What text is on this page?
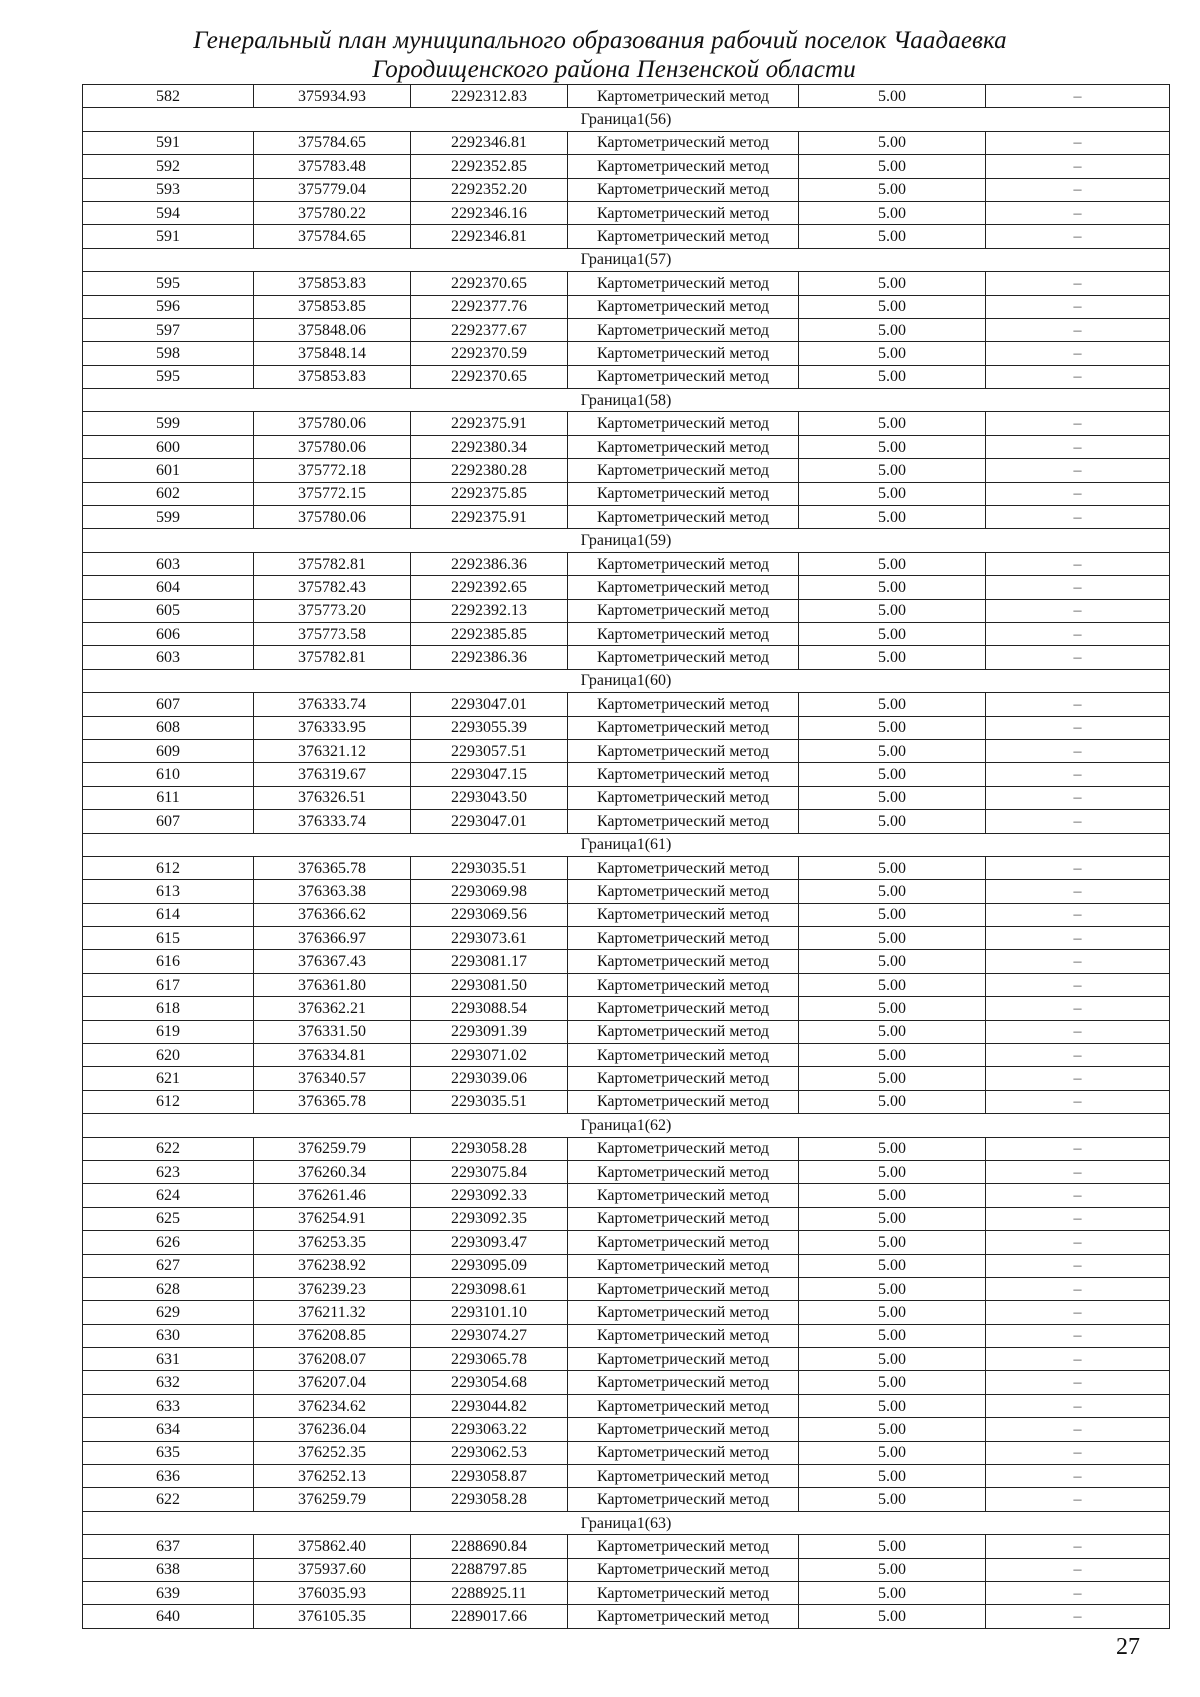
Генеральный план муниципального образования рабочий поселок Чаадаевка
Городищенского района Пензенской области
582	375934.93	2292312.83	Картометрический метод	5.00	–
Граница1(56)					
591	375784.65	2292346.81	Картометрический метод	5.00	–
592	375783.48	2292352.85	Картометрический метод	5.00	–
593	375779.04	2292352.20	Картометрический метод	5.00	–
594	375780.22	2292346.16	Картометрический метод	5.00	–
591	375784.65	2292346.81	Картометрический метод	5.00	–
Граница1(57)					
595	375853.83	2292370.65	Картометрический метод	5.00	–
596	375853.85	2292377.76	Картометрический метод	5.00	–
597	375848.06	2292377.67	Картометрический метод	5.00	–
598	375848.14	2292370.59	Картометрический метод	5.00	–
595	375853.83	2292370.65	Картометрический метод	5.00	–
Граница1(58)					
599	375780.06	2292375.91	Картометрический метод	5.00	–
600	375780.06	2292380.34	Картометрический метод	5.00	–
601	375772.18	2292380.28	Картометрический метод	5.00	–
602	375772.15	2292375.85	Картометрический метод	5.00	–
599	375780.06	2292375.91	Картометрический метод	5.00	–
Граница1(59)					
603	375782.81	2292386.36	Картометрический метод	5.00	–
604	375782.43	2292392.65	Картометрический метод	5.00	–
605	375773.20	2292392.13	Картометрический метод	5.00	–
606	375773.58	2292385.85	Картометрический метод	5.00	–
603	375782.81	2292386.36	Картометрический метод	5.00	–
Граница1(60)					
607	376333.74	2293047.01	Картометрический метод	5.00	–
608	376333.95	2293055.39	Картометрический метод	5.00	–
609	376321.12	2293057.51	Картометрический метод	5.00	–
610	376319.67	2293047.15	Картометрический метод	5.00	–
611	376326.51	2293043.50	Картометрический метод	5.00	–
607	376333.74	2293047.01	Картометрический метод	5.00	–
Граница1(61)					
612	376365.78	2293035.51	Картометрический метод	5.00	–
613	376363.38	2293069.98	Картометрический метод	5.00	–
614	376366.62	2293069.56	Картометрический метод	5.00	–
615	376366.97	2293073.61	Картометрический метод	5.00	–
616	376367.43	2293081.17	Картометрический метод	5.00	–
617	376361.80	2293081.50	Картометрический метод	5.00	–
618	376362.21	2293088.54	Картометрический метод	5.00	–
619	376331.50	2293091.39	Картометрический метод	5.00	–
620	376334.81	2293071.02	Картометрический метод	5.00	–
621	376340.57	2293039.06	Картометрический метод	5.00	–
612	376365.78	2293035.51	Картометрический метод	5.00	–
Граница1(62)					
622	376259.79	2293058.28	Картометрический метод	5.00	–
623	376260.34	2293075.84	Картометрический метод	5.00	–
624	376261.46	2293092.33	Картометрический метод	5.00	–
625	376254.91	2293092.35	Картометрический метод	5.00	–
626	376253.35	2293093.47	Картометрический метод	5.00	–
627	376238.92	2293095.09	Картометрический метод	5.00	–
628	376239.23	2293098.61	Картометрический метод	5.00	–
629	376211.32	2293101.10	Картометрический метод	5.00	–
630	376208.85	2293074.27	Картометрический метод	5.00	–
631	376208.07	2293065.78	Картометрический метод	5.00	–
632	376207.04	2293054.68	Картометрический метод	5.00	–
633	376234.62	2293044.82	Картометрический метод	5.00	–
634	376236.04	2293063.22	Картометрический метод	5.00	–
635	376252.35	2293062.53	Картометрический метод	5.00	–
636	376252.13	2293058.87	Картометрический метод	5.00	–
622	376259.79	2293058.28	Картометрический метод	5.00	–
Граница1(63)					
637	375862.40	2288690.84	Картометрический метод	5.00	–
638	375937.60	2288797.85	Картометрический метод	5.00	–
639	376035.93	2288925.11	Картометрический метод	5.00	–
640	376105.35	2289017.66	Картометрический метод	5.00	–
27
